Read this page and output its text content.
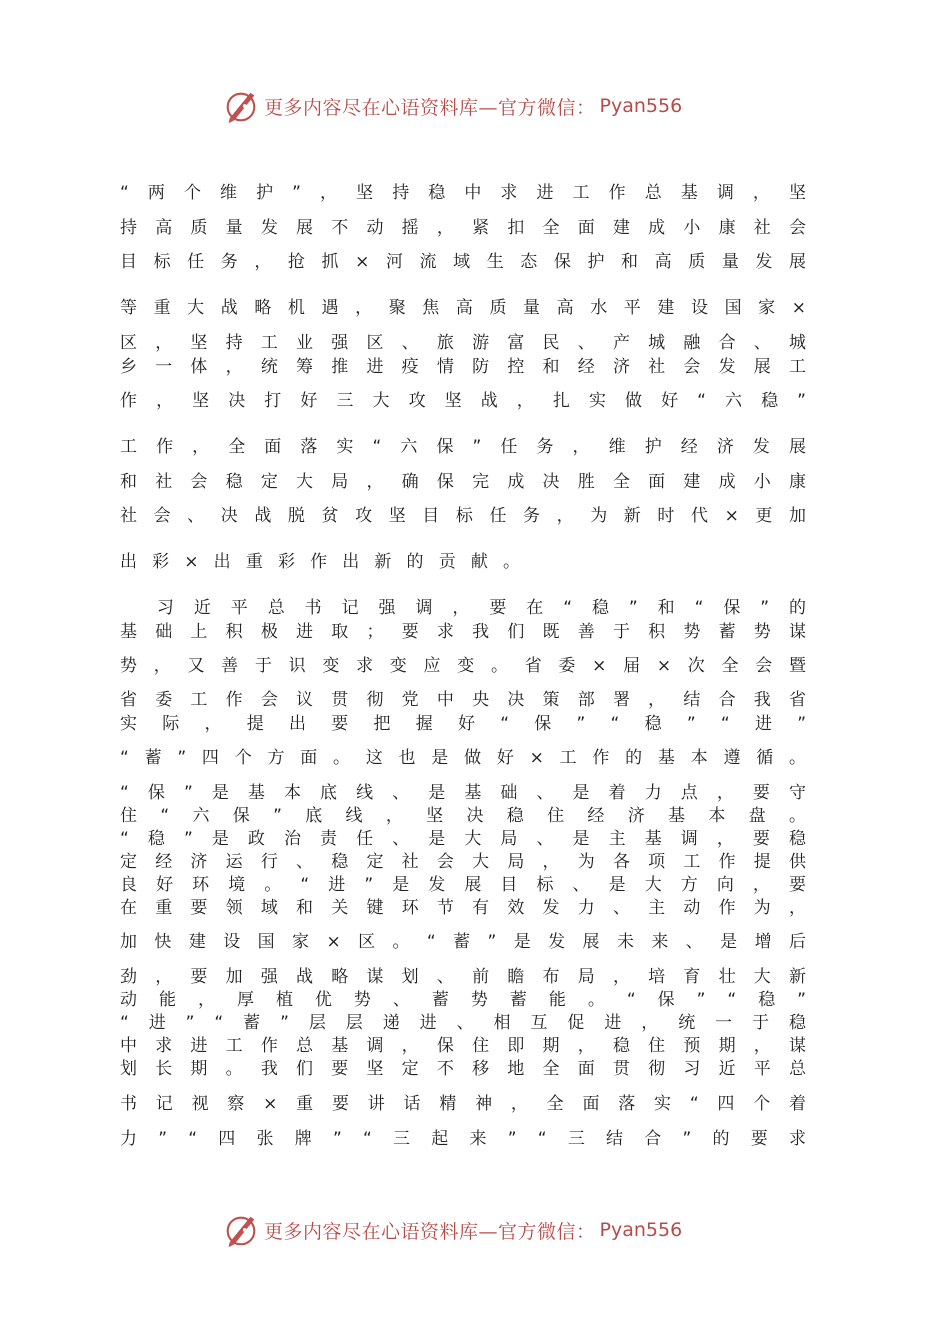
更多内容尽在心语资料库—官方微信： Pyan556
“两个维护”，坚持稳中求进工作总基调，坚
持高质量发展不动摇，紧扣全面建成小康社会
目标任务，抢抓×河流域生态保护和高质量发展
等重大战略机遇，聚焦高质量高水平建设国家×
区，坚持工业强区、旅游富民、产城融合、城
乡一体，统筹推进疫情防控和经济社会发展工
作，坚决打好三大攻坚战，扎实做好“六稳”
工作，全面落实“六保”任务，维护经济发展
和社会稳定大局，确保完成决胜全面建成小康
社会、决战脱贫攻坚目标任务，为新时代×更加
出彩×出重彩作出新的贡献。
　习近平总书记强调，要在“稳”和“保”的
基础上积极进取；要求我们既善于积势蓄势谋
势，又善于识变求变应变。省委×届×次全会暨
省委工作会议贯彻党中央决策部署，结合我省
实际，提出要把握好“保”“稳”“进”
“蓄”四个方面。这也是做好×工作的基本遵循。
“保”是基本底线、是基础、是着力点，要守
住“六保”底线，坚决稳住经济基本盘。
“稳”是政治责任、是大局、是主基调，要稳
定经济运行、稳定社会大局，为各项工作提供
良好环境。“进”是发展目标、是大方向，要
在重要领域和关键环节有效发力、主动作为，
加快建设国家×区。“蓄”是发展未来、是增后
劲，要加强战略谋划、前瞻布局，培育壮大新
动能，厚植优势、蓄势蓄能。“保”“稳”
“进”“蓄”层层递进、相互促进，统一于稳
中求进工作总基调，保住即期，稳住预期，谋
划长期。我们要坚定不移地全面贯彻习近平总
书记视察×重要讲话精神，全面落实“四个着
力”“四张牌”“三起来”“三结合”的要求
更多内容尽在心语资料库—官方微信： Pyan556
